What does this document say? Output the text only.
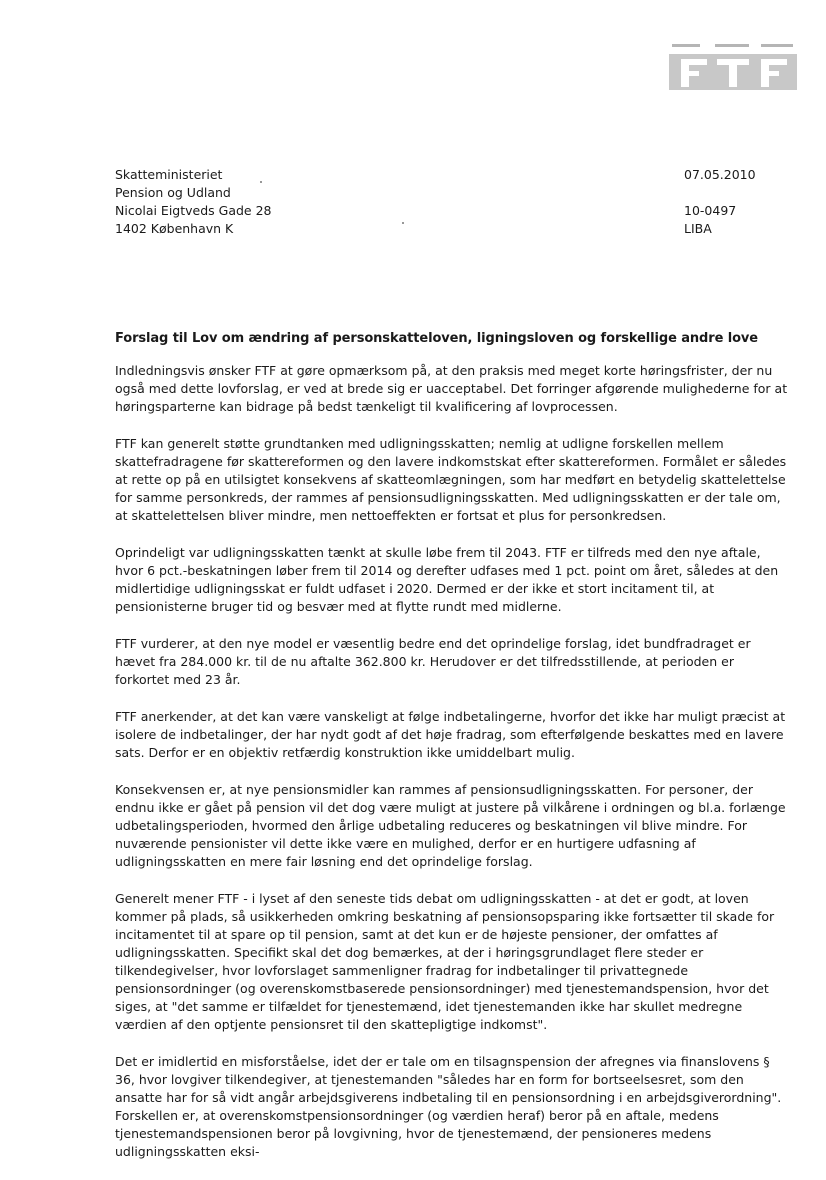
Skatteministeriet
Pension og Udland
Nicolai Eigtveds Gade 28
1402 København K
07.05.2010
10-0497
LIBA
Forslag til Lov om ændring af personskatteloven, ligningsloven og forskellige andre love

Indledningsvis ønsker FTF at gøre opmærksom på, at den praksis med meget korte høringsfrister, der nu også med dette lovforslag, er ved at brede sig er uacceptabel. Det forringer afgørende mulighederne for at høringsparterne kan bidrage på bedst tænkeligt til kvalificering af lovprocessen.

FTF kan generelt støtte grundtanken med udligningsskatten; nemlig at udligne forskellen mellem skattefradragene før skattereformen og den lavere indkomstskat efter skattereformen. Formålet er således at rette op på en utilsigtet konsekvens af skatteomlægningen, som har medført en betydelig skattelettelse for samme personkreds, der rammes af pensionsudligningsskatten. Med udligningsskatten er der tale om, at skattelettelsen bliver mindre, men nettoeffekten er fortsat et plus for personkredsen.

Oprindeligt var udligningsskatten tænkt at skulle løbe frem til 2043. FTF er tilfreds med den nye aftale, hvor 6 pct.-beskatningen løber frem til 2014 og derefter udfases med 1 pct. point om året, således at den midlertidige udligningsskat er fuldt udfaset i 2020. Dermed er der ikke et stort incitament til, at pensionisterne bruger tid og besvær med at flytte rundt med midlerne.

FTF vurderer, at den nye model er væsentlig bedre end det oprindelige forslag, idet bundfradraget er hævet fra 284.000 kr. til de nu aftalte 362.800 kr. Herudover er det tilfredsstillende, at perioden er forkortet med 23 år.

FTF anerkender, at det kan være vanskeligt at følge indbetalingerne, hvorfor det ikke har muligt præcist at isolere de indbetalinger, der har nydt godt af det høje fradrag, som efterfølgende beskattes med en lavere sats. Derfor er en objektiv retfærdig konstruktion ikke umiddelbart mulig.

Konsekvensen er, at nye pensionsmidler kan rammes af pensionsudligningsskatten. For personer, der endnu ikke er gået på pension vil det dog være muligt at justere på vilkårene i ordningen og bl.a. forlænge udbetalingsperioden, hvormed den årlige udbetaling reduceres og beskatningen vil blive mindre. For nuværende pensionister vil dette ikke være en mulighed, derfor er en hurtigere udfasning af udligningsskatten en mere fair løsning end det oprindelige forslag.

Generelt mener FTF - i lyset af den seneste tids debat om udligningsskatten - at det er godt, at loven kommer på plads, så usikkerheden omkring beskatning af pensionsopsparing ikke fortsætter til skade for incitamentet til at spare op til pension, samt at det kun er de højeste pensioner, der omfattes af udligningsskatten. Specifikt skal det dog bemærkes, at der i høringsgrundlaget flere steder er tilkendegivelser, hvor lovforslaget sammenligner fradrag for indbetalinger til privattegnede pensionsordninger (og overenskomstbaserede pensionsordninger) med tjenestemandspension, hvor det siges, at "det samme er tilfældet for tjenestemænd, idet tjenestemanden ikke har skullet medregne værdien af den optjente pensionsret til den skattepligtige indkomst".

Det er imidlertid en misforståelse, idet der er tale om en tilsagnspension der afregnes via finanslovens § 36, hvor lovgiver tilkendegiver, at tjenestemanden "således har en form for bortseelsesret, som den ansatte har for så vidt angår arbejdsgiverens indbetaling til en pensionsordning i en arbejdsgiverordning".

Forskellen er, at overenskomstpensionsordninger (og værdien heraf) beror på en aftale, medens tjenestemandspensionen beror på lovgivning, hvor de tjenestemænd, der pensioneres medens udligningsskatten eksi-
